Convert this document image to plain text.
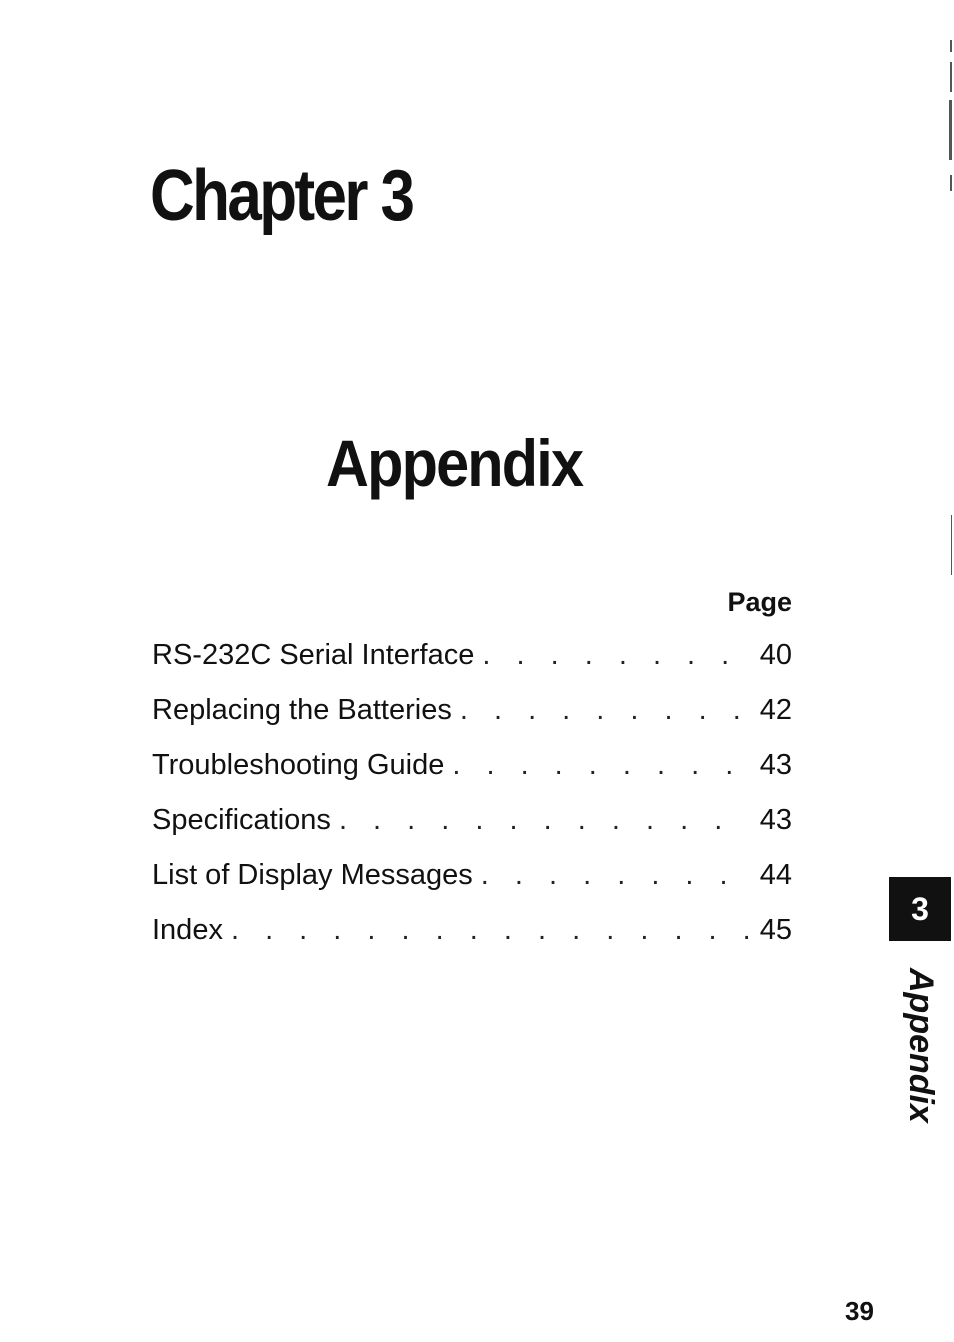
Chapter 3
Appendix
Page
RS-232C Serial Interface . . .	40
Replacing the Batteries . . .	42
Troubleshooting Guide . . .	43
Specifications . . .	43
List of Display Messages . . .	44
Index . . .	45
3
Appendix
39
